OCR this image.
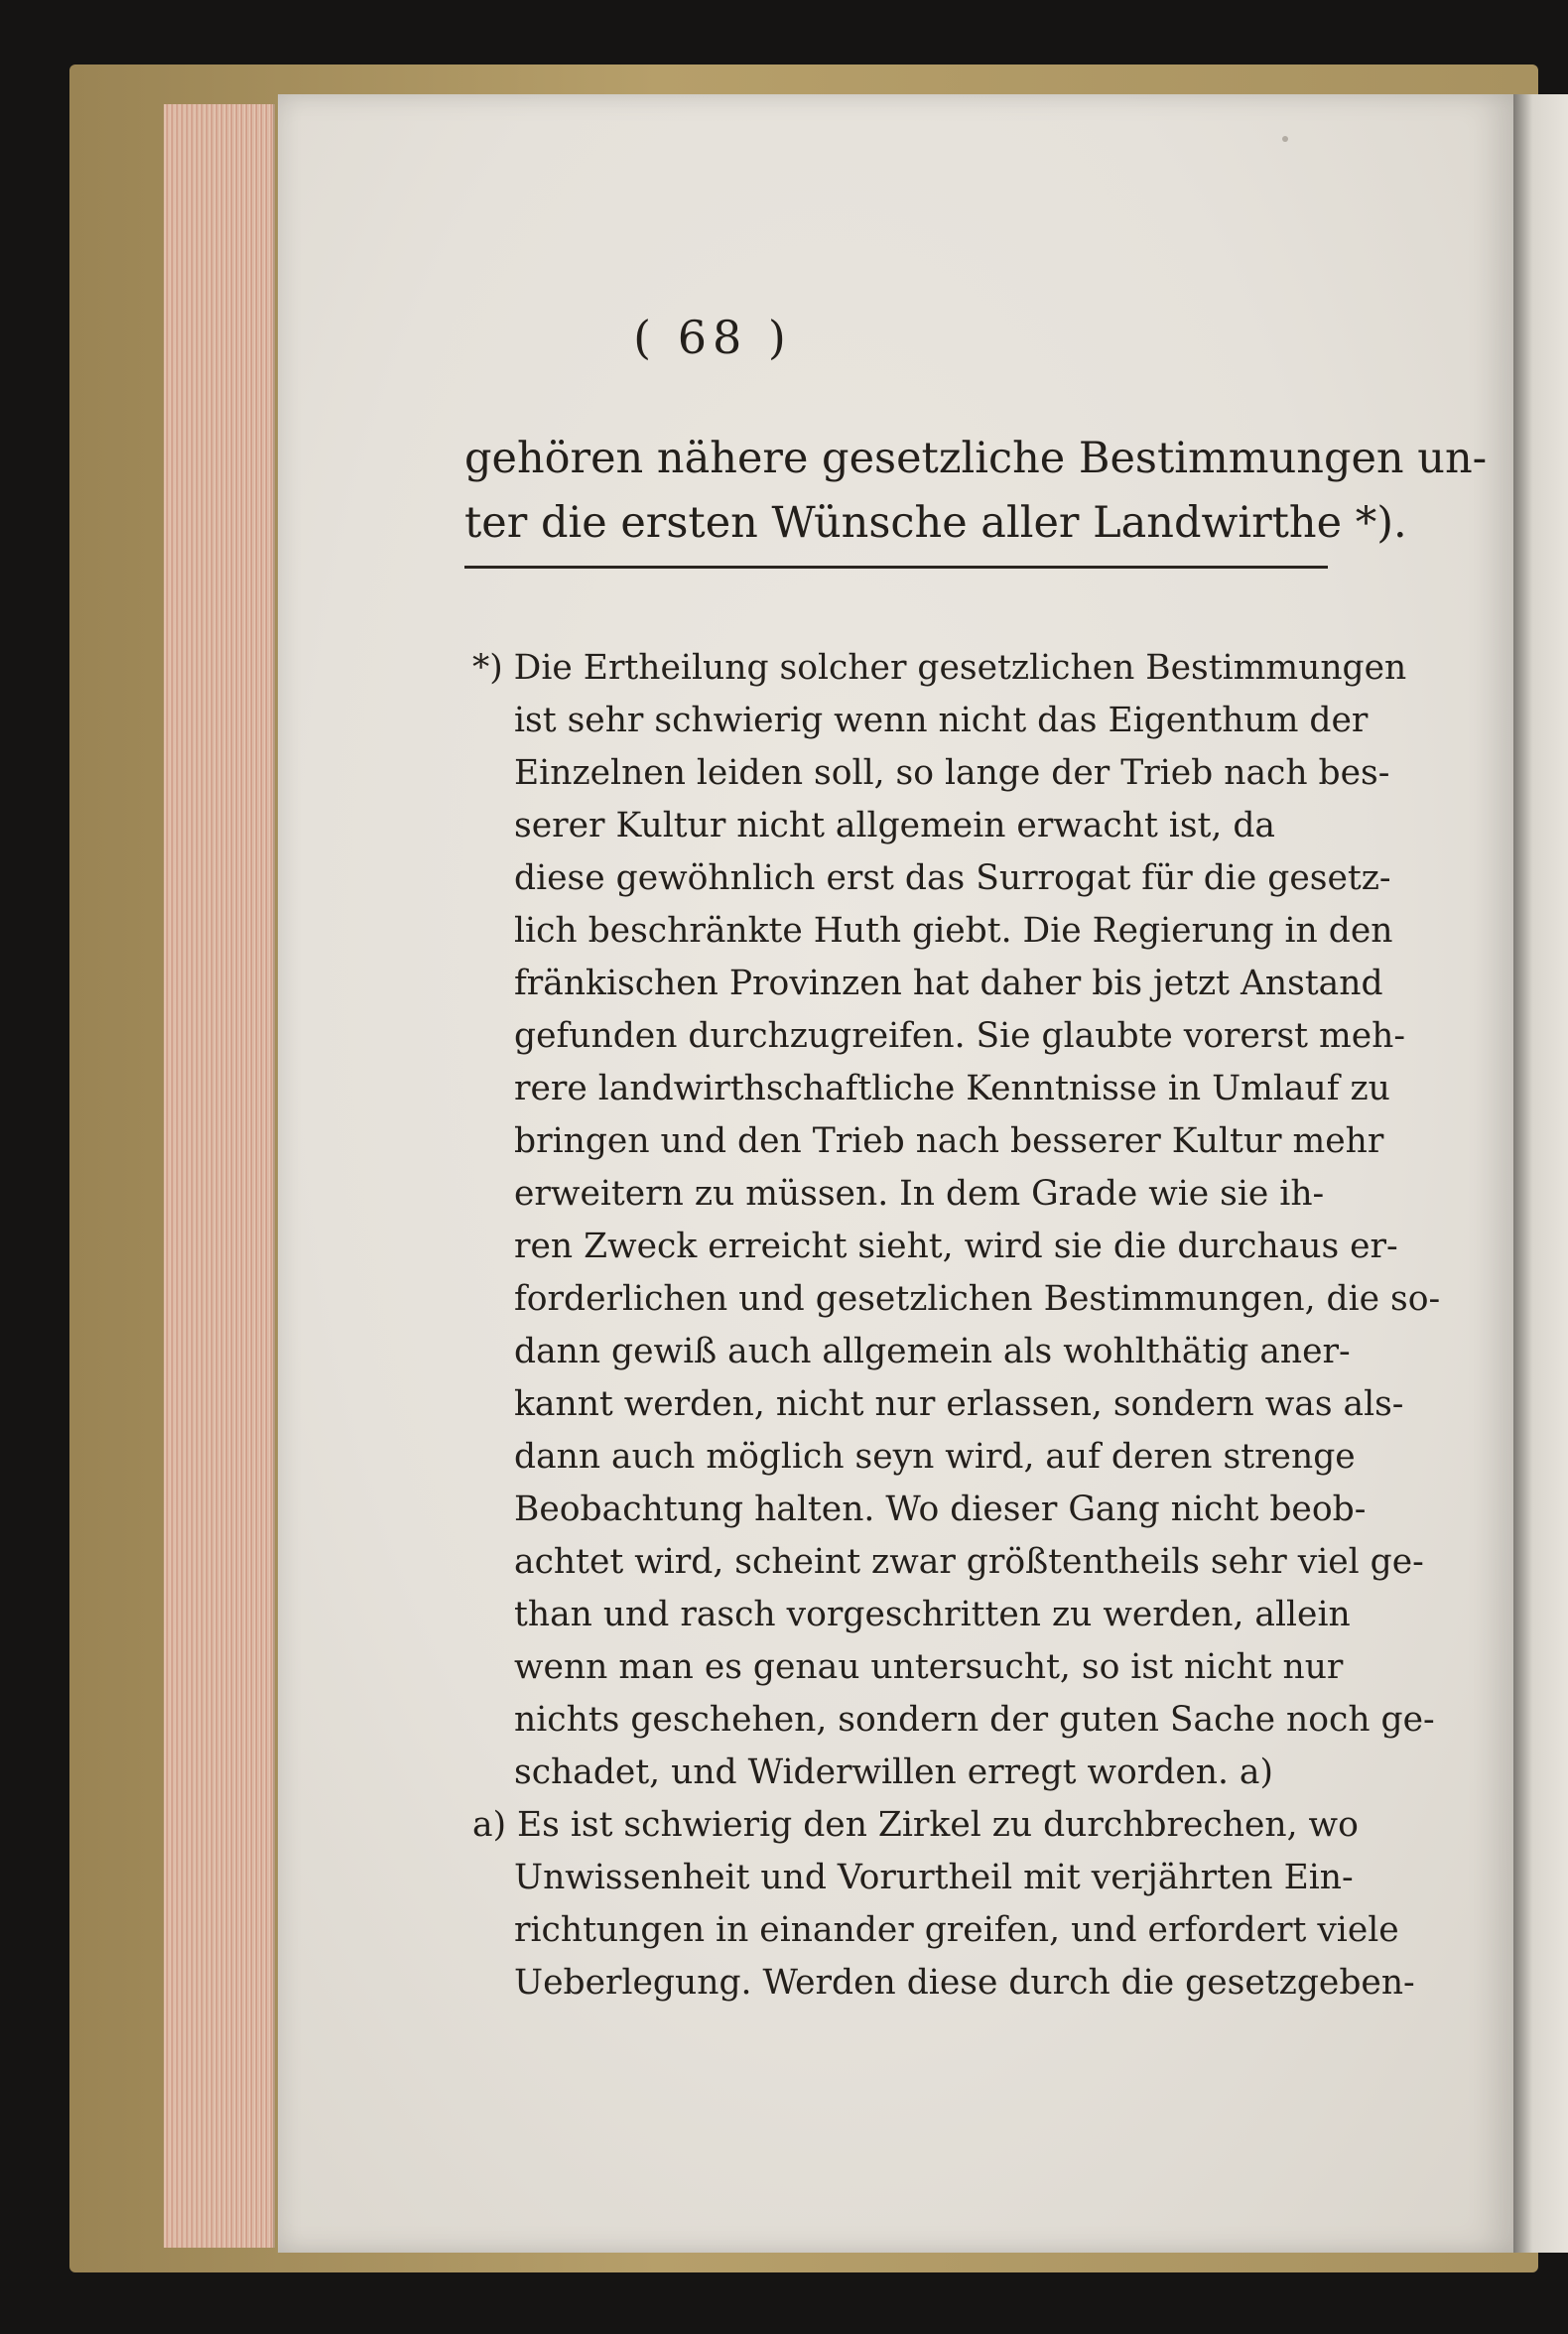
( 68 )
gehören nähere gesetzliche Bestimmungen un-
ter die ersten Wünsche aller Landwirthe *).
*) Die Ertheilung solcher gesetzlichen Bestimmungen
ist sehr schwierig wenn nicht das Eigenthum der
Einzelnen leiden soll, so lange der Trieb nach bes-
serer Kultur nicht allgemein erwacht ist, da
diese gewöhnlich erst das Surrogat für die gesetz-
lich beschränkte Huth giebt. Die Regierung in den
fränkischen Provinzen hat daher bis jetzt Anstand
gefunden durchzugreifen. Sie glaubte vorerst meh-
rere landwirthschaftliche Kenntnisse in Umlauf zu
bringen und den Trieb nach besserer Kultur mehr
erweitern zu müssen. In dem Grade wie sie ih-
ren Zweck erreicht sieht, wird sie die durchaus er-
forderlichen und gesetzlichen Bestimmungen, die so-
dann gewiß auch allgemein als wohlthätig aner-
kannt werden, nicht nur erlassen, sondern was als-
dann auch möglich seyn wird, auf deren strenge
Beobachtung halten. Wo dieser Gang nicht beob-
achtet wird, scheint zwar größtentheils sehr viel ge-
than und rasch vorgeschritten zu werden, allein
wenn man es genau untersucht, so ist nicht nur
nichts geschehen, sondern der guten Sache noch ge-
schadet, und Widerwillen erregt worden. a)
a) Es ist schwierig den Zirkel zu durchbrechen, wo
Unwissenheit und Vorurtheil mit verjährten Ein-
richtungen in einander greifen, und erfordert viele
Ueberlegung. Werden diese durch die gesetzgeben-
